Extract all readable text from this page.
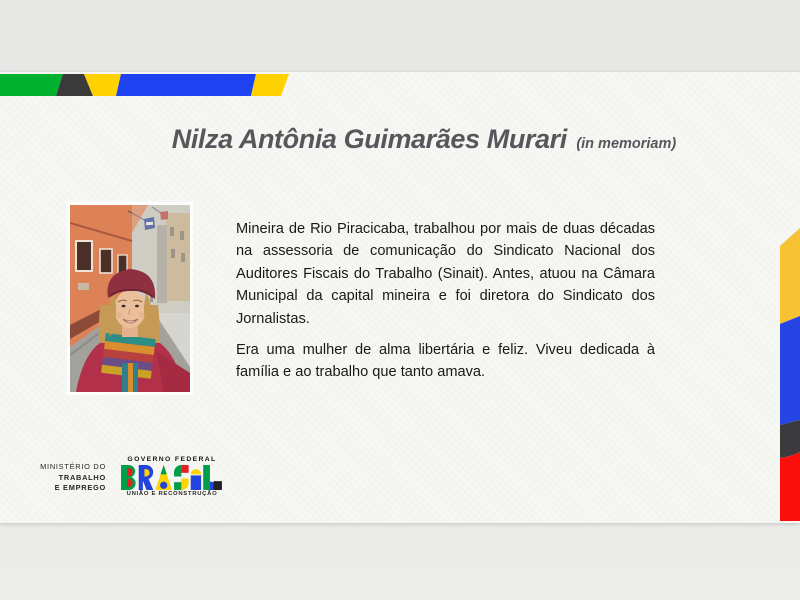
Nilza Antônia Guimarães Murari (in memoriam)

Mineira de Rio Piracicaba, trabalhou por mais de duas décadas na assessoria de comunicação do Sindicato Nacional dos Auditores Fiscais do Trabalho (Sinait). Antes, atuou na Câmara Municipal da capital mineira e foi diretora do Sindicato dos Jornalistas.

Era uma mulher de alma libertária e feliz. Viveu dedicada à família e ao trabalho que tanto amava.

MINISTÉRIO DO
TRABALHO
E EMPREGO
GOVERNO FEDERAL
UNIÃO E RECONSTRUÇÃO
